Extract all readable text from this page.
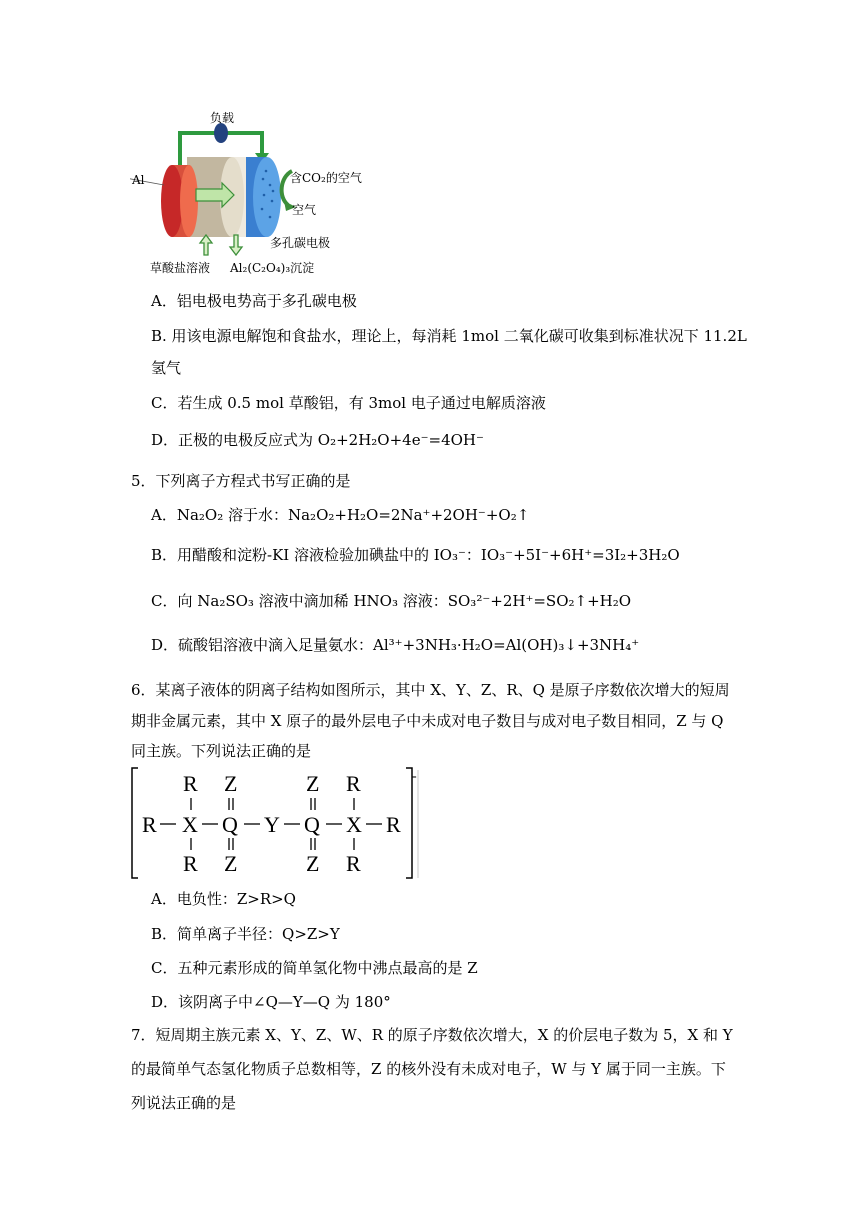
负载
Al	含CO₂的空气
空气
多孔碳电极
草酸盐溶液 Al₂(C₂O₄)₃沉淀
A．铝电极电势高于多孔碳电极
B. 用该电源电解饱和食盐水，理论上，每消耗 1mol 二氧化碳可收集到标准状况下 11.2L
氢气
C．若生成 0.5 mol 草酸铝，有 3mol 电子通过电解质溶液
D．正极的电极反应式为 O₂+2H₂O+4e⁻=4OH⁻
5．下列离子方程式书写正确的是
A．Na₂O₂ 溶于水：Na₂O₂+H₂O=2Na⁺+2OH⁻+O₂↑
B．用醋酸和淀粉-KI 溶液检验加碘盐中的 IO₃⁻：IO₃⁻+5I⁻+6H⁺=3I₂+3H₂O
C．向 Na₂SO₃ 溶液中滴加稀 HNO₃ 溶液：SO₃²⁻+2H⁺=SO₂↑+H₂O
D．硫酸铝溶液中滴入足量氨水：Al³⁺+3NH₃·H₂O=Al(OH)₃↓+3NH₄⁺
6．某离子液体的阴离子结构如图所示，其中 X、Y、Z、R、Q 是原子序数依次增大的短周
期非金属元素，其中 X 原子的最外层电子中未成对电子数目与成对电子数目相同，Z 与 Q
同主族。下列说法正确的是
R Z	Z R
R X Q Y Q X R
R Z	Z R
-
A．电负性：Z>R>Q
B．简单离子半径：Q>Z>Y
C．五种元素形成的简单氢化物中沸点最高的是 Z
D．该阴离子中∠Q—Y—Q 为 180°
7．短周期主族元素 X、Y、Z、W、R 的原子序数依次增大，X 的价层电子数为 5，X 和 Y
的最简单气态氢化物质子总数相等，Z 的核外没有未成对电子，W 与 Y 属于同一主族。下
列说法正确的是
